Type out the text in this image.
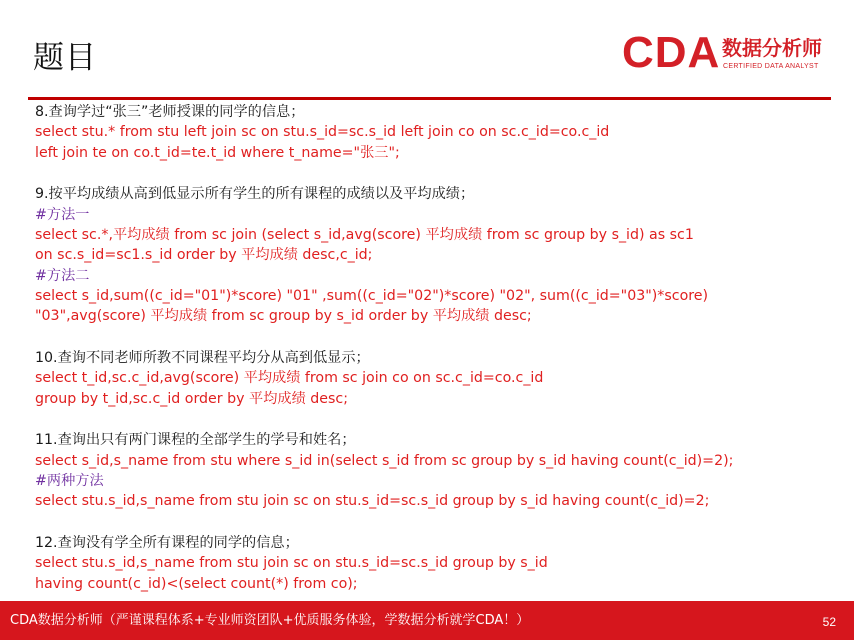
题目	CDA 数据分析师
CERTIFIED DATA ANALYST
8.查询学过“张三”老师授课的同学的信息；
select stu.* from stu left join sc on stu.s_id=sc.s_id left join co on sc.c_id=co.c_id
left join te on co.t_id=te.t_id where t_name="张三";
9.按平均成绩从高到低显示所有学生的所有课程的成绩以及平均成绩；
#方法一
select sc.*,平均成绩 from sc join (select s_id,avg(score) 平均成绩 from sc group by s_id) as sc1
on sc.s_id=sc1.s_id order by 平均成绩 desc,c_id;
#方法二
select s_id,sum((c_id="01")*score) "01" ,sum((c_id="02")*score) "02", sum((c_id="03")*score)
"03",avg(score) 平均成绩 from sc group by s_id order by 平均成绩 desc;
10.查询不同老师所教不同课程平均分从高到低显示；
select t_id,sc.c_id,avg(score) 平均成绩 from sc join co on sc.c_id=co.c_id
group by t_id,sc.c_id order by 平均成绩 desc;
11.查询出只有两门课程的全部学生的学号和姓名；
select s_id,s_name from stu where s_id in(select s_id from sc group by s_id having count(c_id)=2);
#两种方法
select stu.s_id,s_name from stu join sc on stu.s_id=sc.s_id group by s_id having count(c_id)=2;
12.查询没有学全所有课程的同学的信息；
select stu.s_id,s_name from stu join sc on stu.s_id=sc.s_id group by s_id
having count(c_id)<(select count(*) from co);
CDA数据分析师（严谨课程体系+专业师资团队+优质服务体验，学数据分析就学CDA！）	52
